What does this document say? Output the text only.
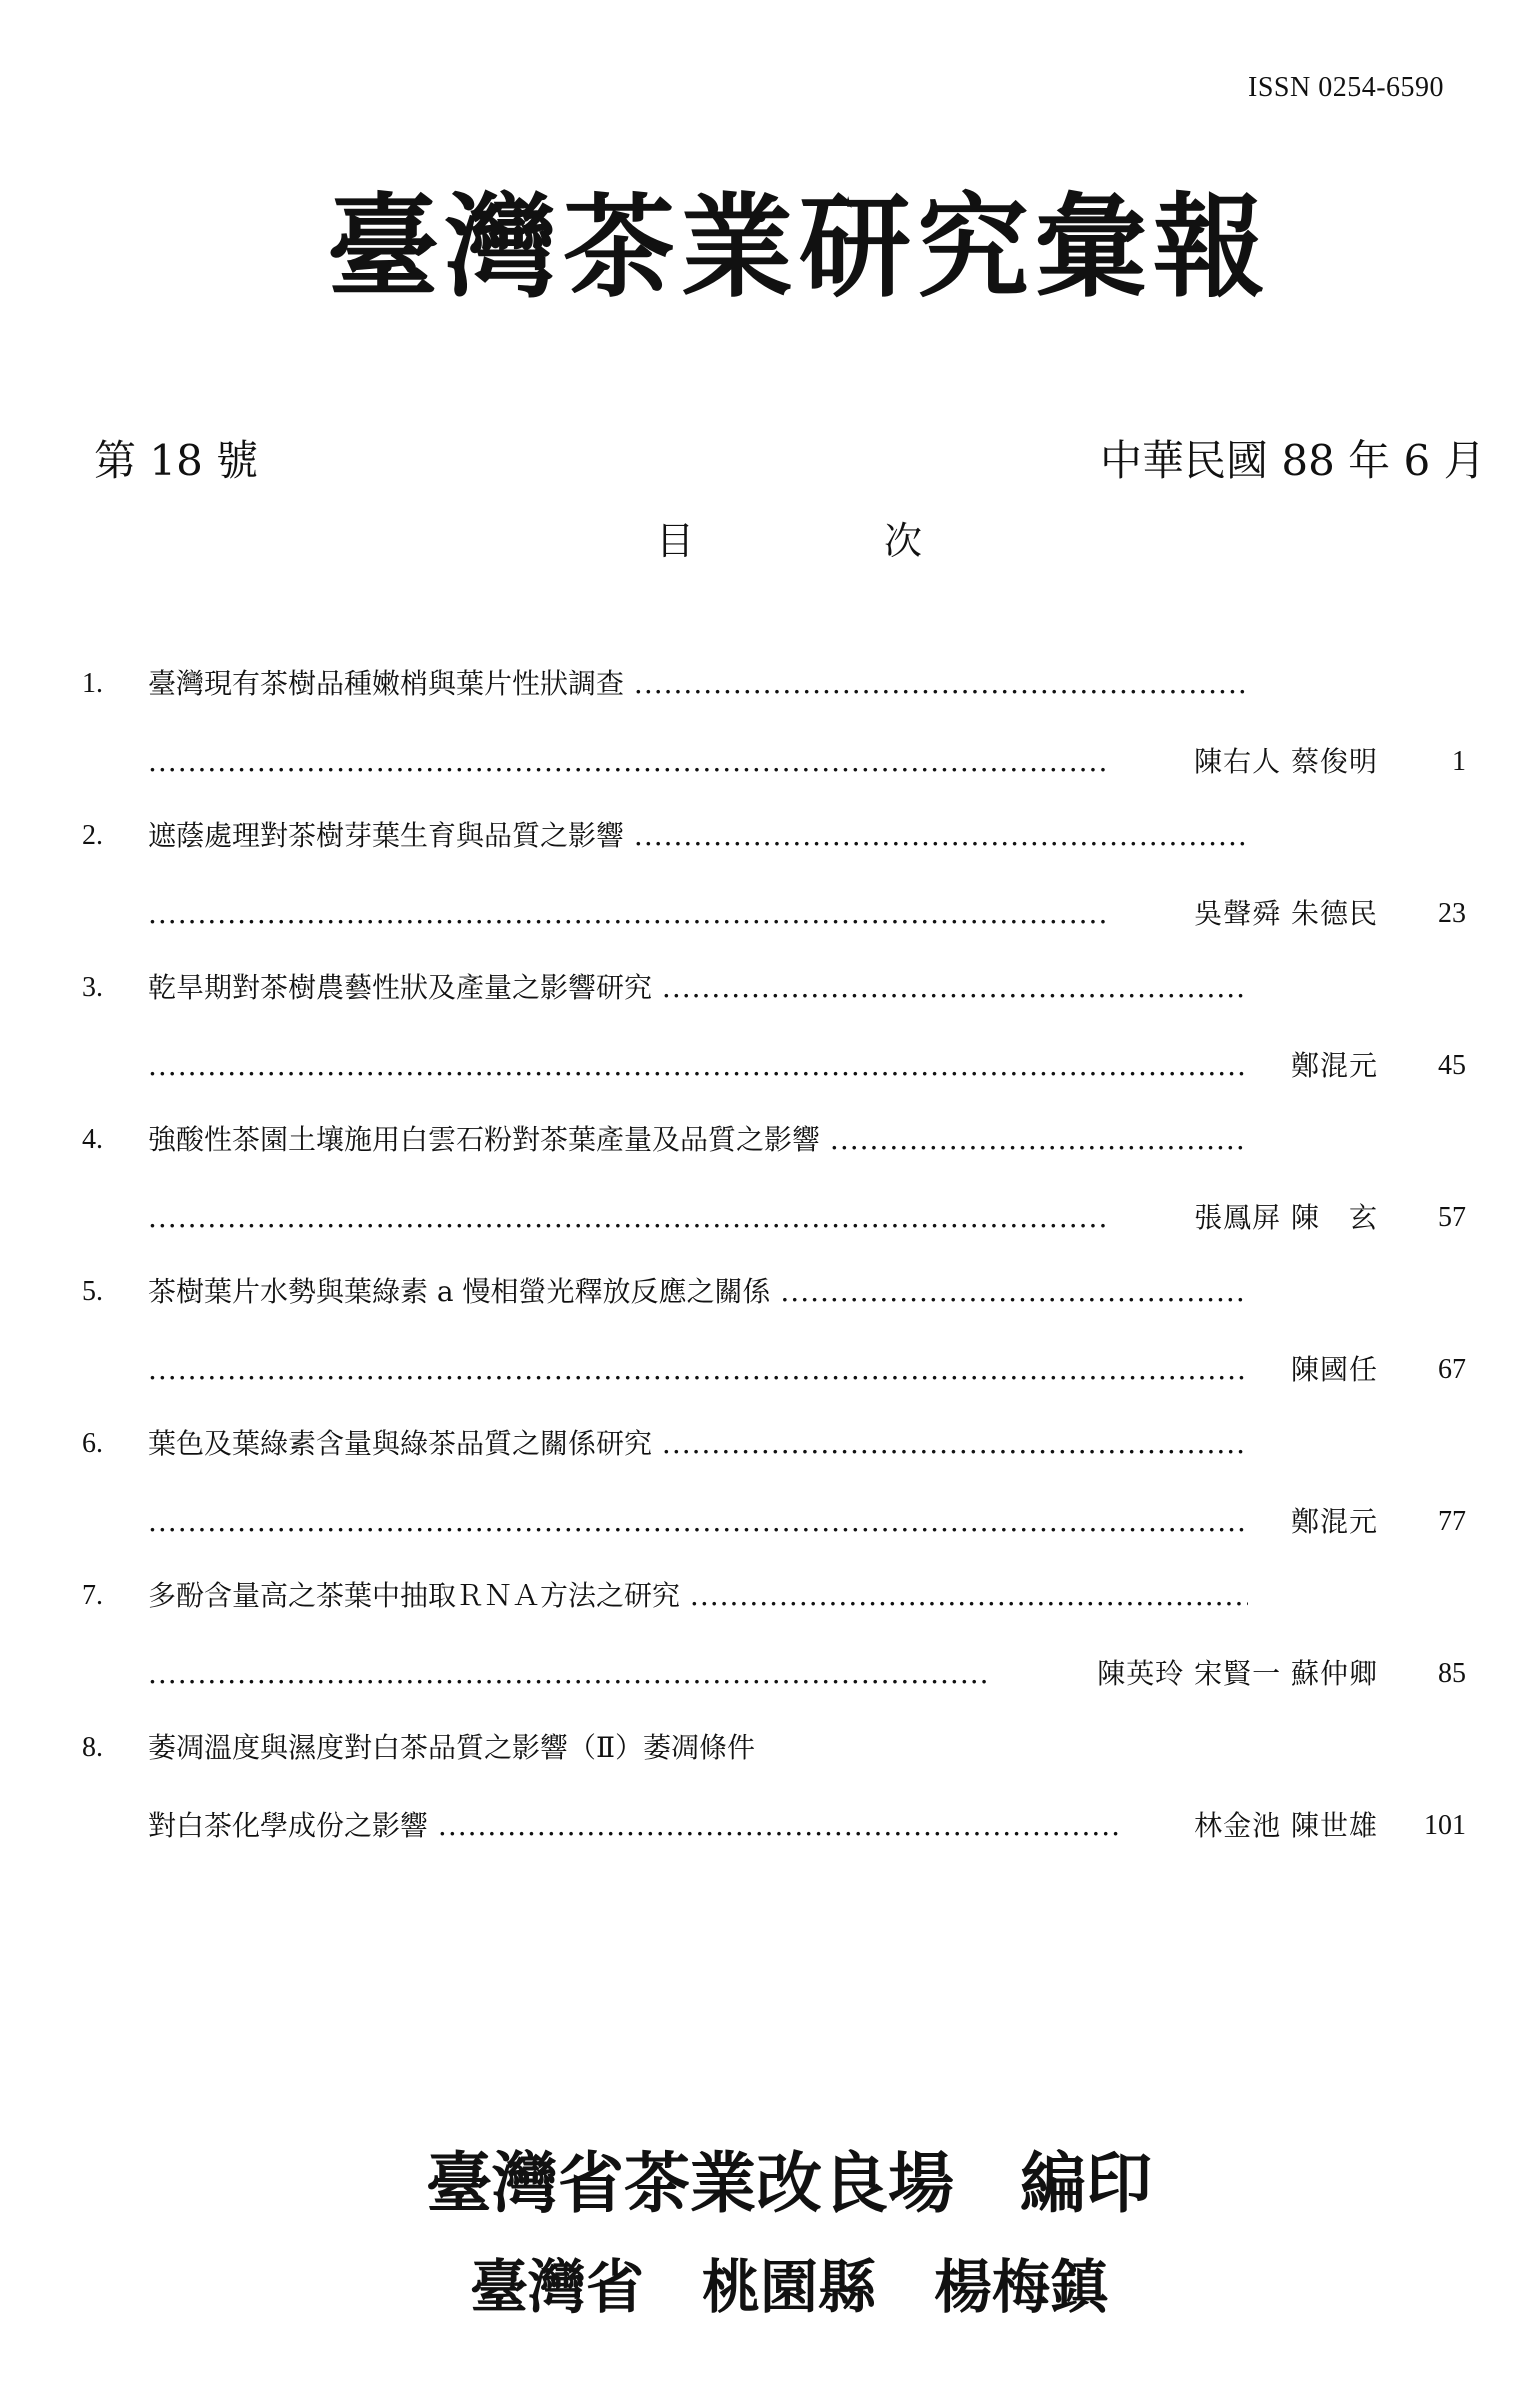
ISSN 0254-6590
臺灣茶業研究彙報
第 18 號	中華民國 88 年 6 月
目次
1. 臺灣現有茶樹品種嫩梢與葉片性狀調查 .....
.....
陳右人 蔡俊明	1
2. 遮蔭處理對茶樹芽葉生育與品質之影響 .....
.....
吳聲舜 朱德民	23
3. 乾旱期對茶樹農藝性狀及產量之影響研究 .....
.....
鄭混元	45
4. 強酸性茶園土壤施用白雲石粉對茶葉產量及品質之影響 .....
.....
張鳳屏 陳　玄	57
5. 茶樹葉片水勢與葉綠素 a 慢相螢光釋放反應之關係 .....
.....
陳國任	67
6. 葉色及葉綠素含量與綠茶品質之關係研究 .....
.....
鄭混元	77
7. 多酚含量高之茶葉中抽取ＲＮＡ方法之研究 .....
.....
陳英玲 宋賢一 蘇仲卿	85
8. 萎凋溫度與濕度對白茶品質之影響（Ⅱ）萎凋條件
對白茶化學成份之影響 .....	林金池 陳世雄	101
臺灣省茶業改良場　編印
臺灣省　桃園縣　楊梅鎮
